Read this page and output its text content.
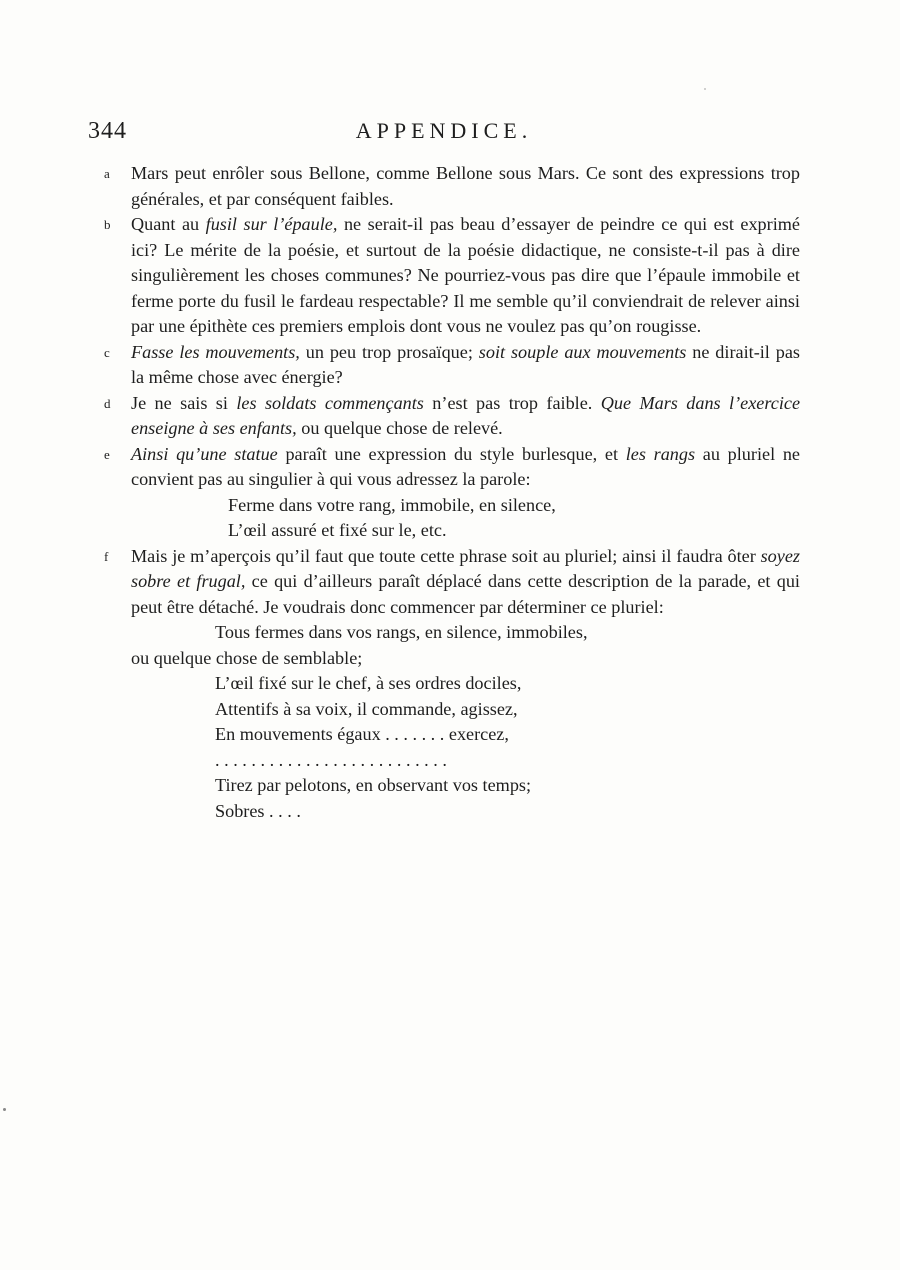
344	APPENDICE.
a Mars peut enrôler sous Bellone, comme Bellone sous Mars. Ce sont des expressions trop générales, et par conséquent faibles.
b Quant au fusil sur l’épaule, ne serait-il pas beau d’essayer de peindre ce qui est exprimé ici? Le mérite de la poésie, et surtout de la poésie didactique, ne consiste-t-il pas à dire singulièrement les choses communes? Ne pourriez-vous pas dire que l’épaule immobile et ferme porte du fusil le fardeau respectable? Il me semble qu’il conviendrait de relever ainsi par une épithète ces premiers emplois dont vous ne voulez pas qu’on rougisse.
c Fasse les mouvements, un peu trop prosaïque; soit souple aux mouvements ne dirait-il pas la même chose avec énergie?
d Je ne sais si les soldats commençants n’est pas trop faible. Que Mars dans l’exercice enseigne à ses enfants, ou quelque chose de relevé.
e Ainsi qu’une statue paraît une expression du style burlesque, et les rangs au pluriel ne convient pas au singulier à qui vous adressez la parole:
Ferme dans votre rang, immobile, en silence,
L’œil assuré et fixé sur le, etc.
f Mais je m’aperçois qu’il faut que toute cette phrase soit au pluriel; ainsi il faudra ôter soyez sobre et frugal, ce qui d’ailleurs paraît déplacé dans cette description de la parade, et qui peut être détaché. Je voudrais donc commencer par déterminer ce pluriel:
Tous fermes dans vos rangs, en silence, immobiles,
ou quelque chose de semblable;
L’œil fixé sur le chef, à ses ordres dociles,
Attentifs à sa voix, il commande, agissez,
En mouvements égaux . . . . . . . exercez,
. . . . . . . . . . . . . . . . . . . . . . . . . .
Tirez par pelotons, en observant vos temps;
Sobres . . . .
